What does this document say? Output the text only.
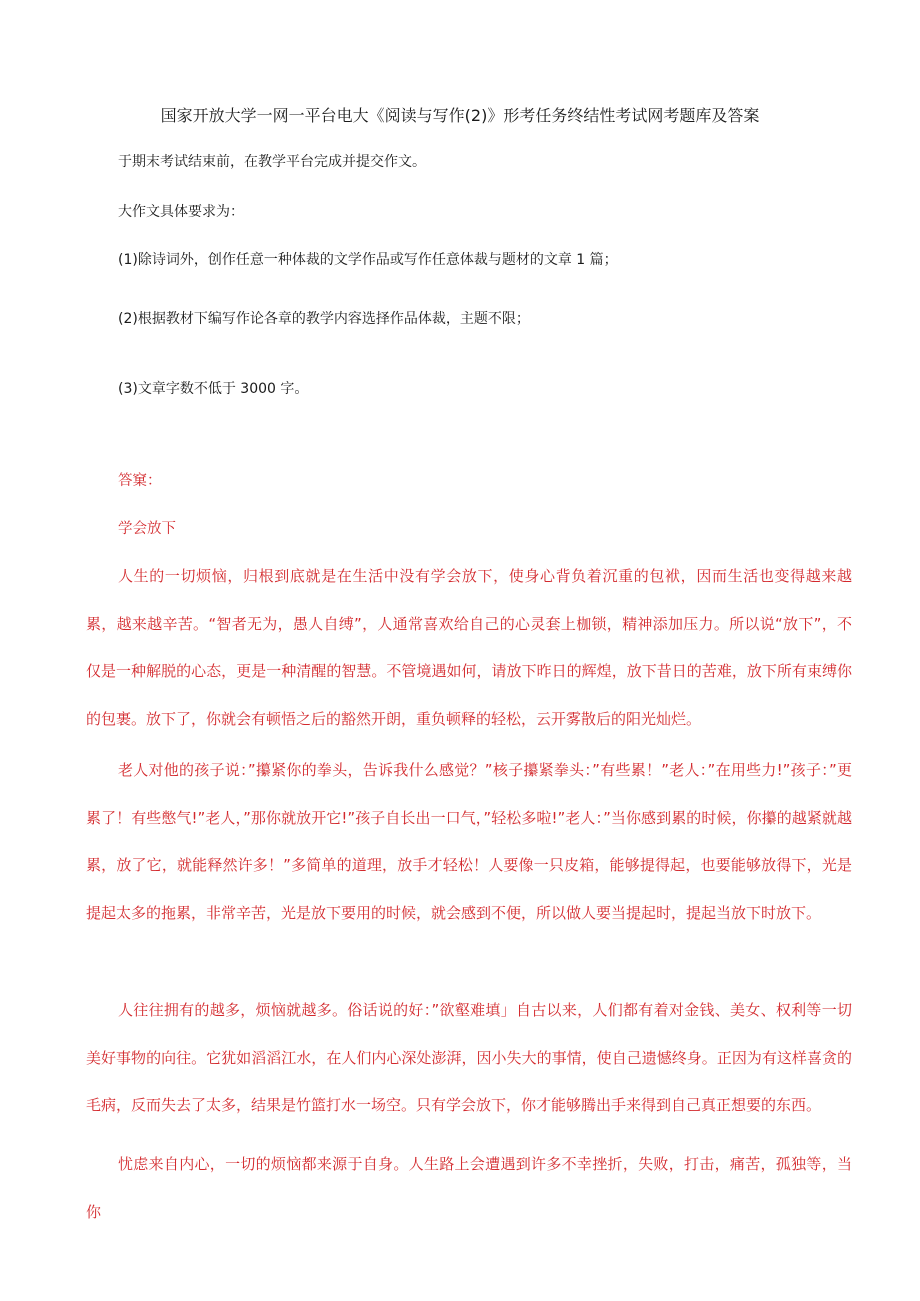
国家开放大学一网一平台电大《阅读与写作(2)》形考任务终结性考试网考题库及答案
于期末考试结束前，在教学平台完成并提交作文。
大作文具体要求为：
(1)除诗词外，创作任意一种体裁的文学作品或写作任意体裁与题材的文章 1 篇；
(2)根据教材下编写作论各章的教学内容选择作品体裁，主题不限；
(3)文章字数不低于 3000 字。
答窠：
学会放下

人生的一切烦恼，归根到底就是在生活中没有学会放下，使身心背负着沉重的包袱，因而生活也变得越来越累，越来越辛苦。“智者无为，愚人自缚”，人通常喜欢给自己的心灵套上枷锁，精神添加压力。所以说“放下”，不仅是一种解脱的心态，更是一种清醒的智慧。不管境遇如何，请放下昨日的辉煌，放下昔日的苦难，放下所有束缚你的包裹。放下了，你就会有顿悟之后的豁然开朗，重负顿释的轻松，云开雾散后的阳光灿烂。

老人对他的孩子说：”攥紧你的拳头，告诉我什么感觉？”核子攥紧拳头：”有些累！”老人：”在用些力!”孩子：”更累了！有些憋气!”老人，”那你就放开它!”孩子自长出一口气，”轻松多啦!”老人：”当你感到累的时候，你攥的越紧就越累，放了它，就能释然许多！”多简单的道理，放手才轻松！人要像一只皮箱，能够提得起，也要能够放得下，光是提起太多的拖累，非常辛苦，光是放下要用的时候，就会感到不便，所以做人要当提起时，提起当放下时放下。

人往往拥有的越多，烦恼就越多。俗话说的好：”欲壑难填」自古以来，人们都有着对金钱、美女、权利等一切美好事物的向往。它犹如滔滔江水，在人们内心深处澎湃，因小失大的事情，使自己遗憾终身。正因为有这样喜贪的毛病，反而失去了太多，结果是竹篮打水一场空。只有学会放下，你才能够腾出手来得到自己真正想要的东西。

忧虑来自内心，一切的烦恼都来源于自身。人生路上会遭遇到许多不幸挫折，失败，打击，痛苦，孤独等，当你
